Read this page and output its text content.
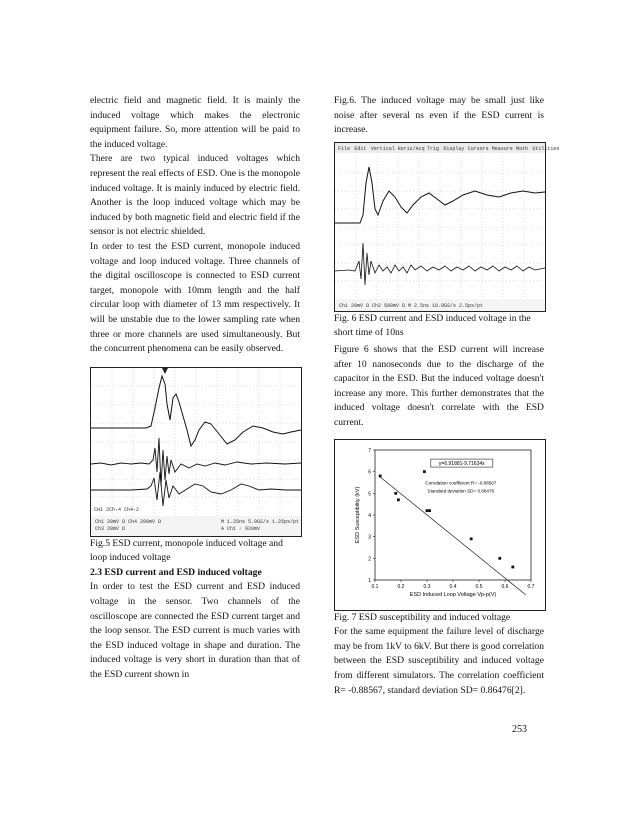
electric field and magnetic field. It is mainly the induced voltage which makes the electronic equipment failure. So, more attention will be paid to the induced voltage.

There are two typical induced voltages which represent the real effects of ESD. One is the monopole induced voltage. It is mainly induced by electric field. Another is the loop induced voltage which may be induced by both magnetic field and electric field if the sensor is not electric shielded.

In order to test the ESD current, monopole induced voltage and loop induced voltage. Three channels of the digital oscilloscope is connected to ESD current target, monopole with 10mm length and the half circular loop with diameter of 13 mm respectively. It will be unstable due to the lower sampling rate when three or more channels are used simultaneously. But the concurrent phenomena can be easily observed.

CH1 2Ch-4 Ch4-2
Ch1 20mV Ω Ch4 200mV Ω
Ch3 20mV Ω
M 1.25ns 5.0GS/s 1.25ps/pt
A Ch1 ∕ 920mV

Fig.5 ESD current, monopole induced voltage and loop induced voltage

2.3 ESD current and ESD induced voltage

In order to test the ESD current and ESD induced voltage in the sensor. Two channels of the oscilloscope are connected the ESD current target and the loop sensor. The ESD current is much varies with the ESD induced voltage in shape and duration. The induced voltage is very short in duration than that of the ESD current shown in

Fig.6. The induced voltage may be small just like noise after several ns even if the ESD current is increase.

File Edit Vertical Horiz/Acq Trig Display Cursors Measure Math Utilities
Ch1 20mV Ω Ch2 500mV Ω M 2.5ns 10.0GS/s 2.5ps/pt

Fig. 6 ESD current and ESD induced voltage in the short time of 10ns

Figure 6 shows that the ESD current will increase after 10 nanoseconds due to the discharge of the capacitor in the ESD. But the induced voltage doesn't increase any more. This further demonstrates that the induced voltage doesn't correlate with the ESD current.

0.1	0.2	0.3	0.4	0.5	0.6	0.7
1
2
3
4
5
6
7
ESD Induced Loop Voltage Vp-p(V)
ESD Susceptibility (kV)
y=6.91881-9.71634x
Correlation coefficient R= -0.88567
Standard deviation SD= 0.86476

Fig. 7 ESD susceptibility and induced voltage

For the same equipment the failure level of discharge may be from 1kV to 6kV. But there is good correlation between the ESD susceptibility and induced voltage from different simulators. The correlation coefficient R= -0.88567, standard deviation SD= 0.86476[2].

253
